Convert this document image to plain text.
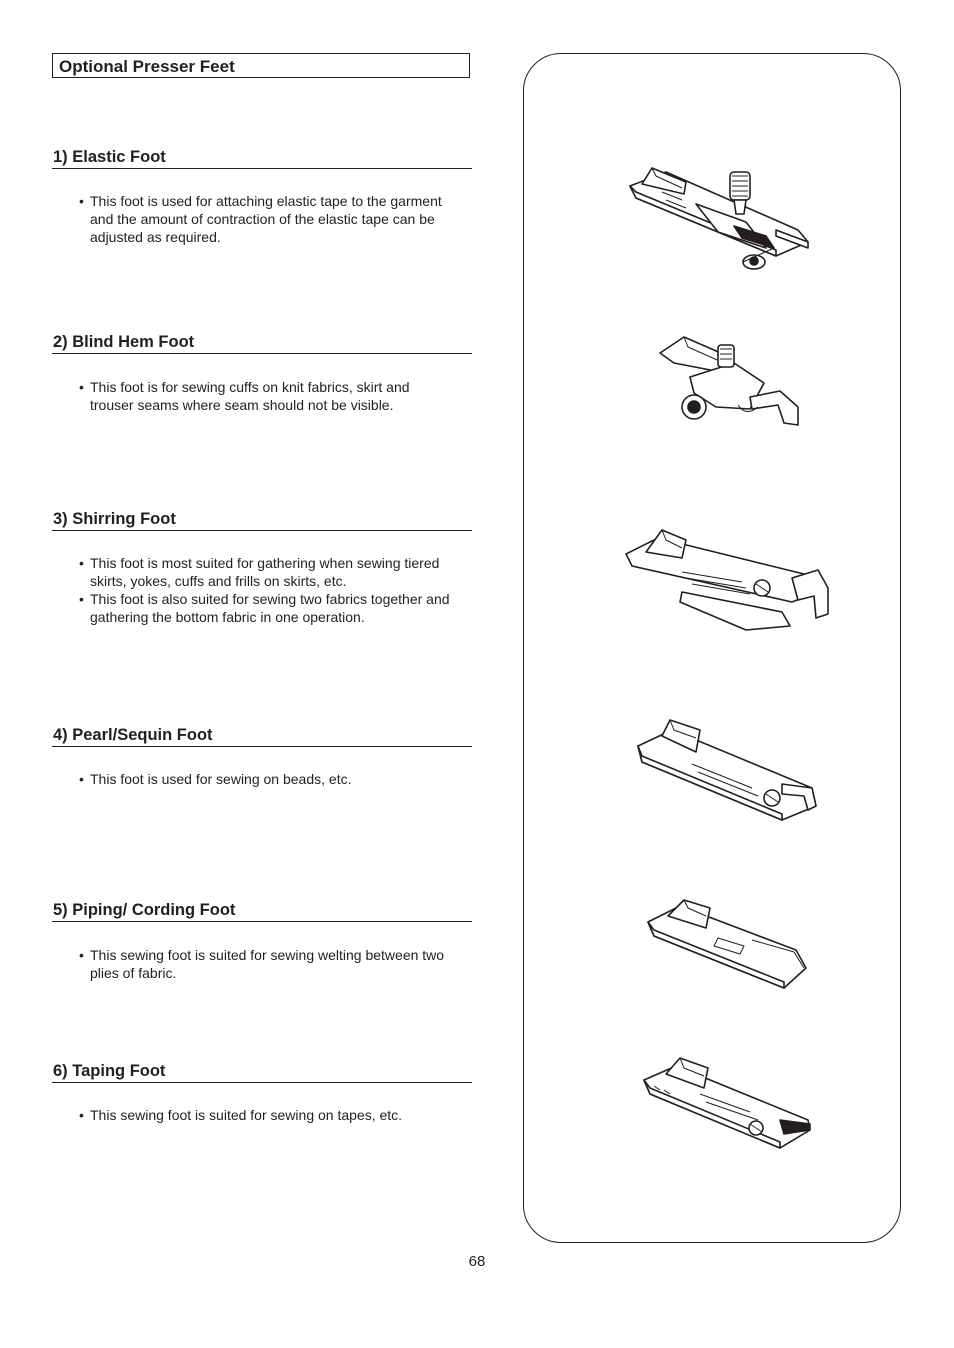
Optional Presser Feet
1) Elastic Foot
• This foot is used for attaching elastic tape to the garment and the amount of contraction of the elastic tape can be adjusted as required.
2) Blind Hem Foot
• This foot is for sewing cuffs on knit fabrics, skirt and trouser seams where seam should not be visible.
3) Shirring Foot
• This foot is most suited for gathering when sewing tiered skirts, yokes, cuffs and frills on skirts, etc.
• This foot is also suited for sewing two fabrics together and gathering the bottom fabric in one operation.
4) Pearl/Sequin Foot
• This foot is used for sewing on beads, etc.
5) Piping/ Cording Foot
• This sewing foot is suited for sewing welting between two plies of fabric.
6) Taping Foot
• This sewing foot is suited for sewing on tapes, etc.
68
